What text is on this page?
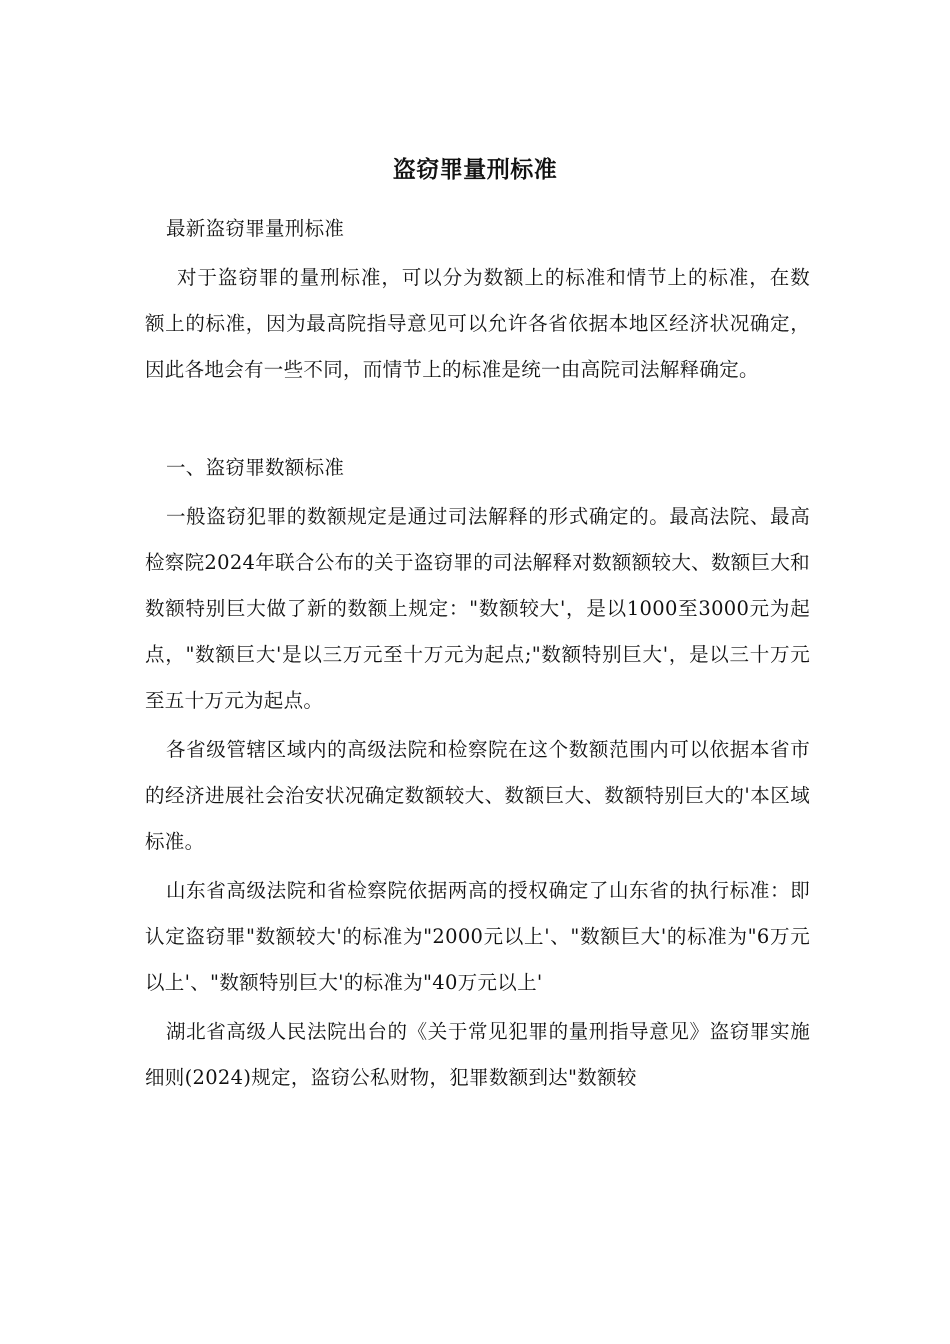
盗窃罪量刑标准

最新盗窃罪量刑标准

对于盗窃罪的量刑标准，可以分为数额上的标准和情节上的标准，在数额上的标准，因为最高院指导意见可以允许各省依据本地区经济状况确定，因此各地会有一些不同，而情节上的标准是统一由高院司法解释确定。

一、盗窃罪数额标准

一般盗窃犯罪的数额规定是通过司法解释的形式确定的。最高法院、最高检察院2024年联合公布的关于盗窃罪的司法解释对数额额较大、数额巨大和数额特别巨大做了新的数额上规定："数额较大'，是以1000至3000元为起点，"数额巨大'是以三万元至十万元为起点;"数额特别巨大'，是以三十万元至五十万元为起点。

各省级管辖区域内的高级法院和检察院在这个数额范围内可以依据本省市的经济进展社会治安状况确定数额较大、数额巨大、数额特别巨大的'本区域标准。

山东省高级法院和省检察院依据两高的授权确定了山东省的执行标准：即认定盗窃罪"数额较大'的标准为"2000元以上'、"数额巨大'的标准为"6万元以上'、"数额特别巨大'的标准为"40万元以上'

湖北省高级人民法院出台的《关于常见犯罪的量刑指导意见》盗窃罪实施细则(2024)规定，盗窃公私财物，犯罪数额到达"数额较
